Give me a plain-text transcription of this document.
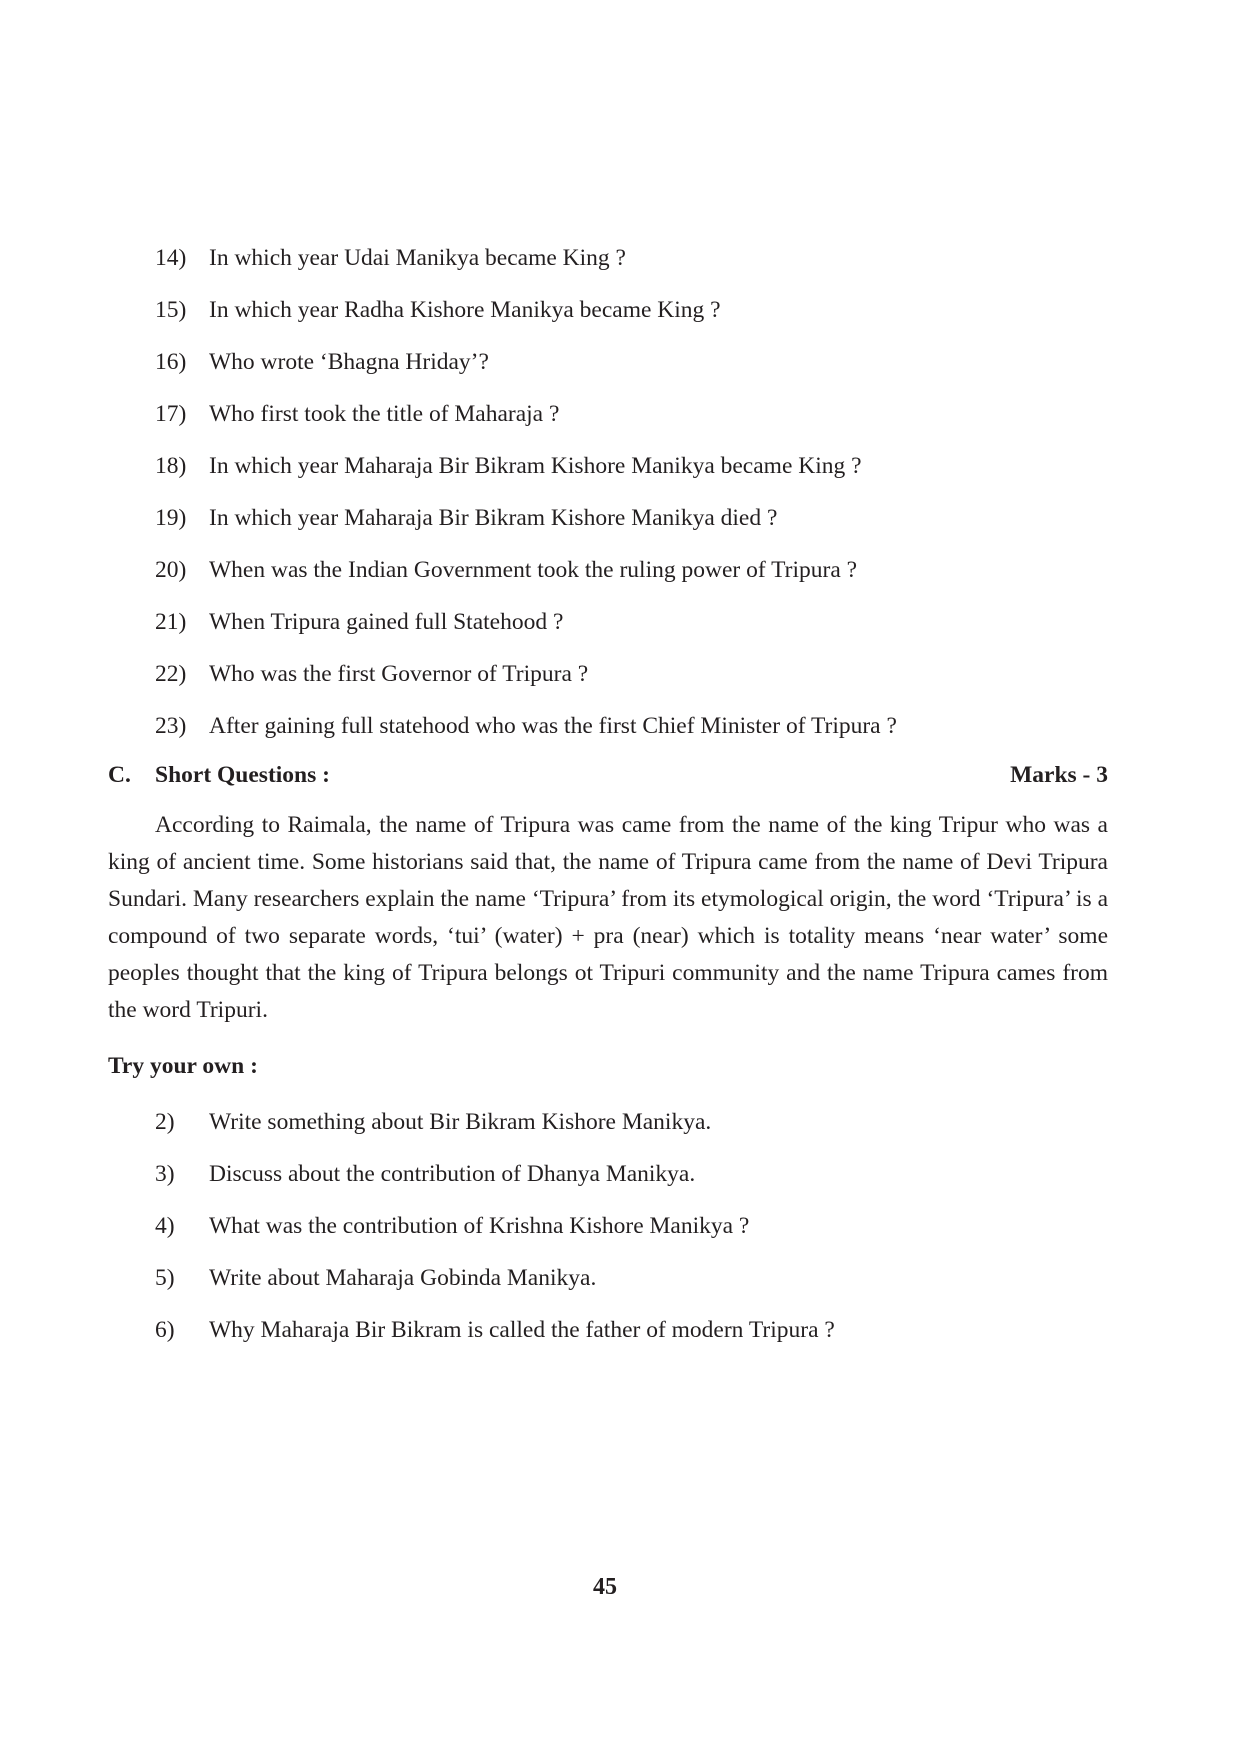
14) In which year Udai Manikya became King ?
15) In which year Radha Kishore Manikya became King ?
16) Who wrote ‘Bhagna Hriday’?
17) Who first took the title of Maharaja ?
18) In which year Maharaja Bir Bikram Kishore Manikya became King ?
19) In which year Maharaja Bir Bikram Kishore Manikya died ?
20) When was the Indian Government took the ruling power of Tripura ?
21) When Tripura gained full Statehood ?
22) Who was the first Governor of Tripura ?
23) After gaining full statehood who was the first Chief Minister of Tripura ?
C. Short Questions :	Marks - 3

According to Raimala, the name of Tripura was came from the name of the king Tripur who was a king of ancient time. Some historians said that, the name of Tripura came from the name of Devi Tripura Sundari. Many researchers explain the name ‘Tripura’ from its etymological origin, the word ‘Tripura’ is a compound of two separate words, ‘tui’ (water) + pra (near) which is totality means ‘near water’ some peoples thought that the king of Tripura belongs ot Tripuri community and the name Tripura cames from the word Tripuri.

Try your own :
2) Write something about Bir Bikram Kishore Manikya.
3) Discuss about the contribution of Dhanya Manikya.
4) What was the contribution of Krishna Kishore Manikya ?
5) Write about Maharaja Gobinda Manikya.
6) Why Maharaja Bir Bikram is called the father of modern Tripura ?
45
